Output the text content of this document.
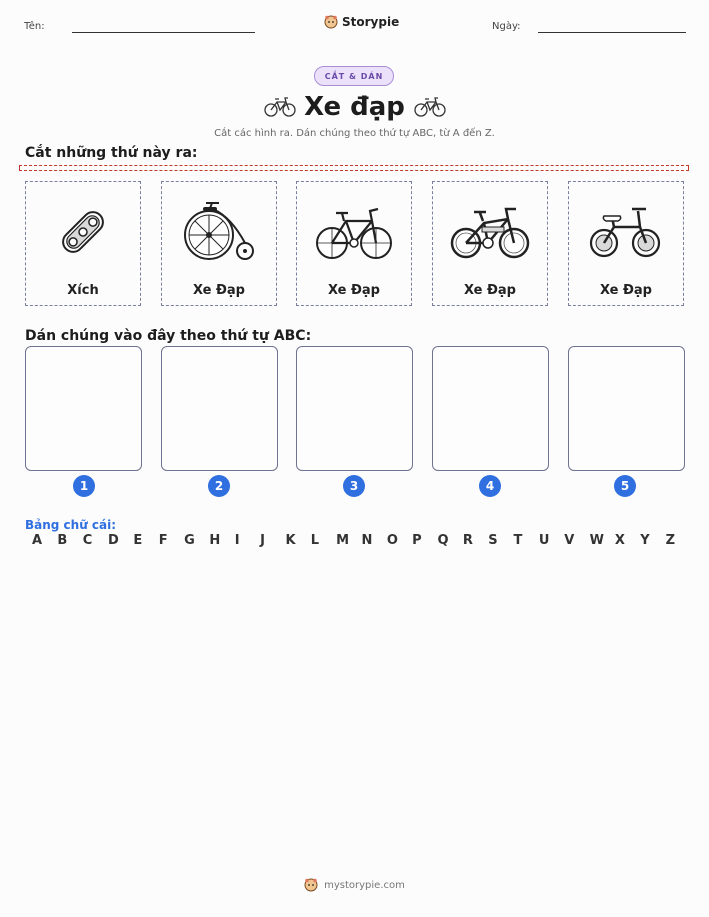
Tên:	Storypie	Ngày:
CẮT & DÁN
Xe đạp
Cắt các hình ra. Dán chúng theo thứ tự ABC, từ A đến Z.
Cắt những thứ này ra:
Xích	Xe Đạp	Xe Đạp	Xe Đạp	Xe Đạp
Dán chúng vào đây theo thứ tự ABC:
1	2	3	4	5
Bảng chữ cái:
A	B	C	D	E	F	G	H	I	J	K	L	M N	O	P	Q	R	S	T	U	V	W X	Y	Z
mystorypie.com
